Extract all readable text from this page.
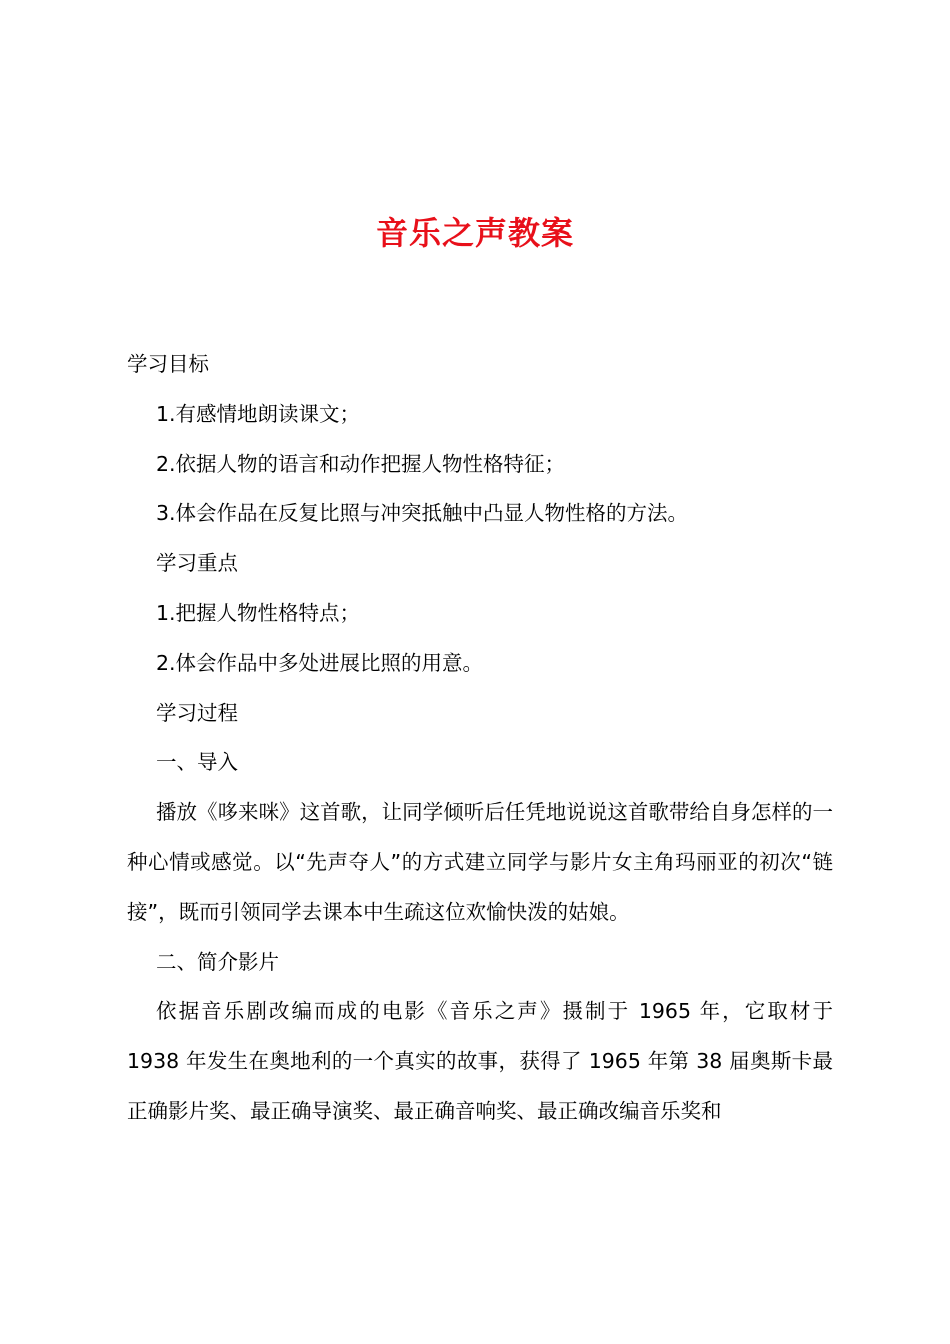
音乐之声教案

学习目标

1.有感情地朗读课文；

2.依据人物的语言和动作把握人物性格特征；

3.体会作品在反复比照与冲突抵触中凸显人物性格的方法。

学习重点

1.把握人物性格特点；

2.体会作品中多处进展比照的用意。

学习过程

一、导入

播放《哆来咪》这首歌，让同学倾听后任凭地说说这首歌带给自身怎样的一种心情或感觉。以“先声夺人”的方式建立同学与影片女主角玛丽亚的初次“链接”，既而引领同学去课本中生疏这位欢愉快泼的姑娘。

二、简介影片

依据音乐剧改编而成的电影《音乐之声》摄制于 1965 年，它取材于 1938 年发生在奥地利的一个真实的故事，获得了 1965 年第 38 届奥斯卡最正确影片奖、最正确导演奖、最正确音响奖、最正确改编音乐奖和
